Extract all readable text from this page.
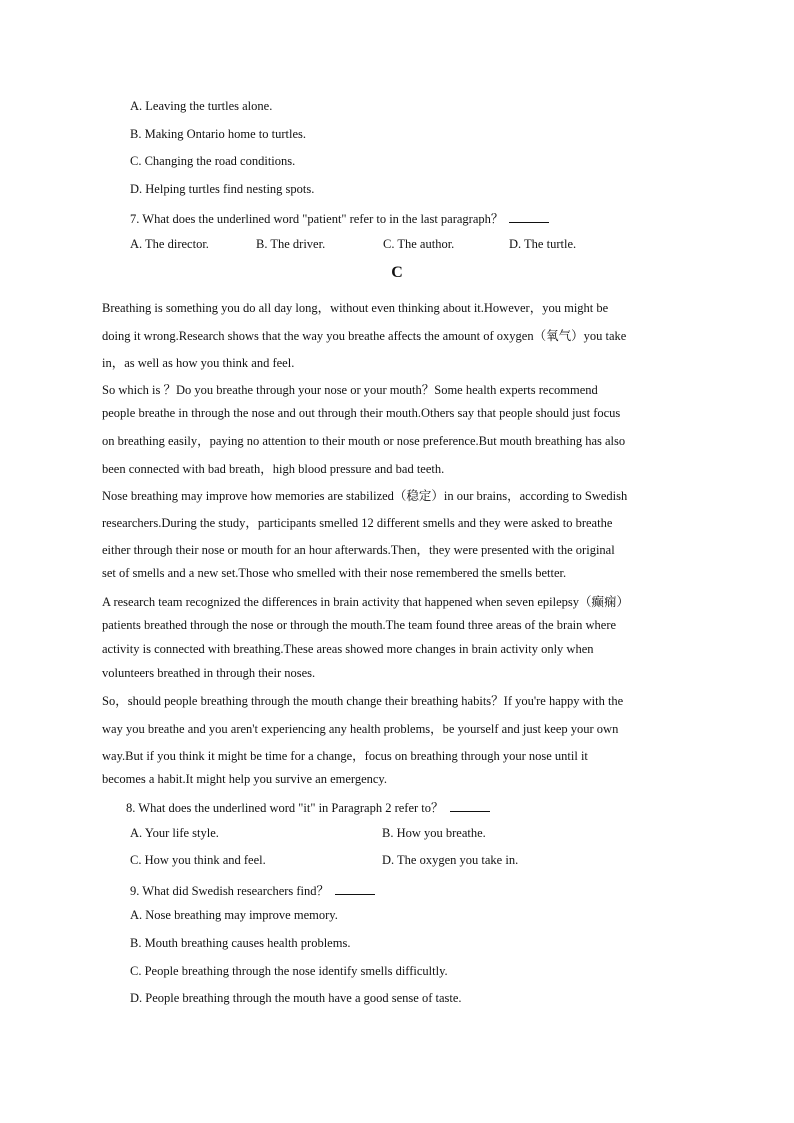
A. Leaving the turtles alone.
B. Making Ontario home to turtles.
C. Changing the road conditions.
D. Helping turtles find nesting spots.
7. What does the underlined word "patient" refer to in the last paragraph？
A. The director.	B. The driver.	C. The author.	D. The turtle.
C
Breathing is something you do all day long，without even thinking about it.However，you might be
doing it wrong.Research shows that the way you breathe affects the amount of oxygen（氧气）you take
in，as well as how you think and feel.
So which is ？Do you breathe through your nose or your mouth？Some health experts recommend
people breathe in through the nose and out through their mouth.Others say that people should just focus
on breathing easily，paying no attention to their mouth or nose preference.But mouth breathing has also
been connected with bad breath，high blood pressure and bad teeth.
Nose breathing may improve how memories are stabilized（稳定）in our brains，according to Swedish
researchers.During the study，participants smelled 12 different smells and they were asked to breathe
either through their nose or mouth for an hour afterwards.Then，they were presented with the original
set of smells and a new set.Those who smelled with their nose remembered the smells better.
A research team recognized the differences in brain activity that happened when seven epilepsy（癫痫）
patients breathed through the nose or through the mouth.The team found three areas of the brain where
activity is connected with breathing.These areas showed more changes in brain activity only when
volunteers breathed in through their noses.
So，should people breathing through the mouth change their breathing habits？If you're happy with the
way you breathe and you aren't experiencing any health problems，be yourself and just keep your own
way.But if you think it might be time for a change，focus on breathing through your nose until it
becomes a habit.It might help you survive an emergency.
8. What does the underlined word "it" in Paragraph 2 refer to？
A. Your life style.	B. How you breathe.
C. How you think and feel.	D. The oxygen you take in.
9. What did Swedish researchers find？
A. Nose breathing may improve memory.
B. Mouth breathing causes health problems.
C. People breathing through the nose identify smells difficultly.
D. People breathing through the mouth have a good sense of taste.
